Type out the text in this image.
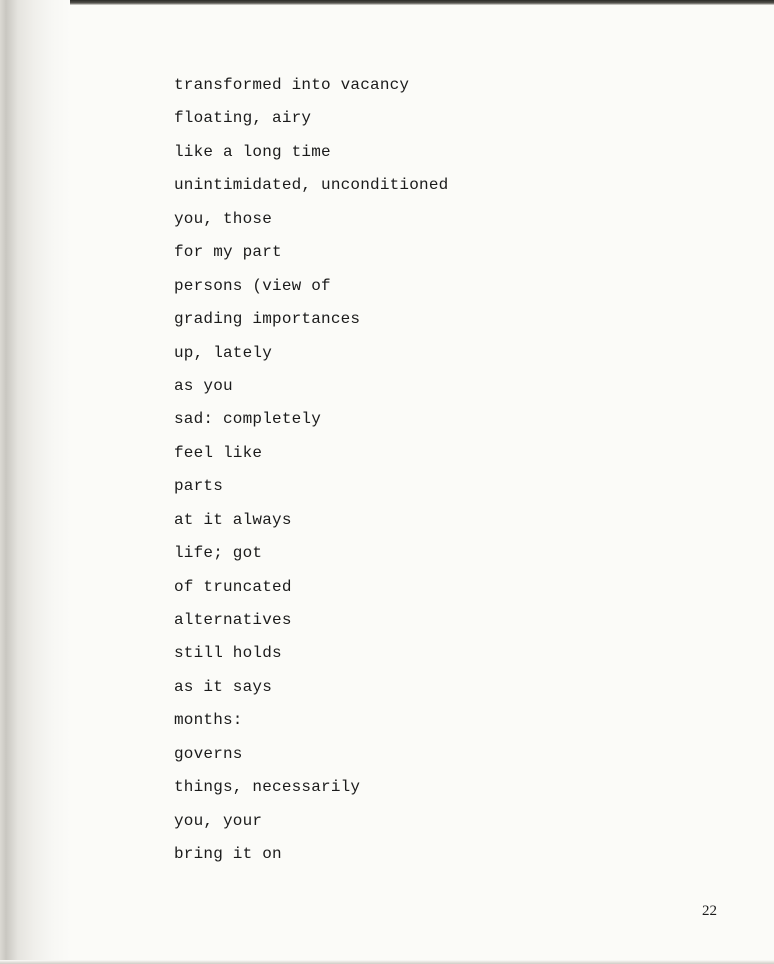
transformed into vacancy
floating, airy
like a long time
unintimidated, unconditioned
you, those
for my part
persons (view of
grading importances
up, lately
as you
sad: completely
feel like
parts
at it always
life; got
of truncated
alternatives
still holds
as it says
months:
governs
things, necessarily
you, your
bring it on
22
